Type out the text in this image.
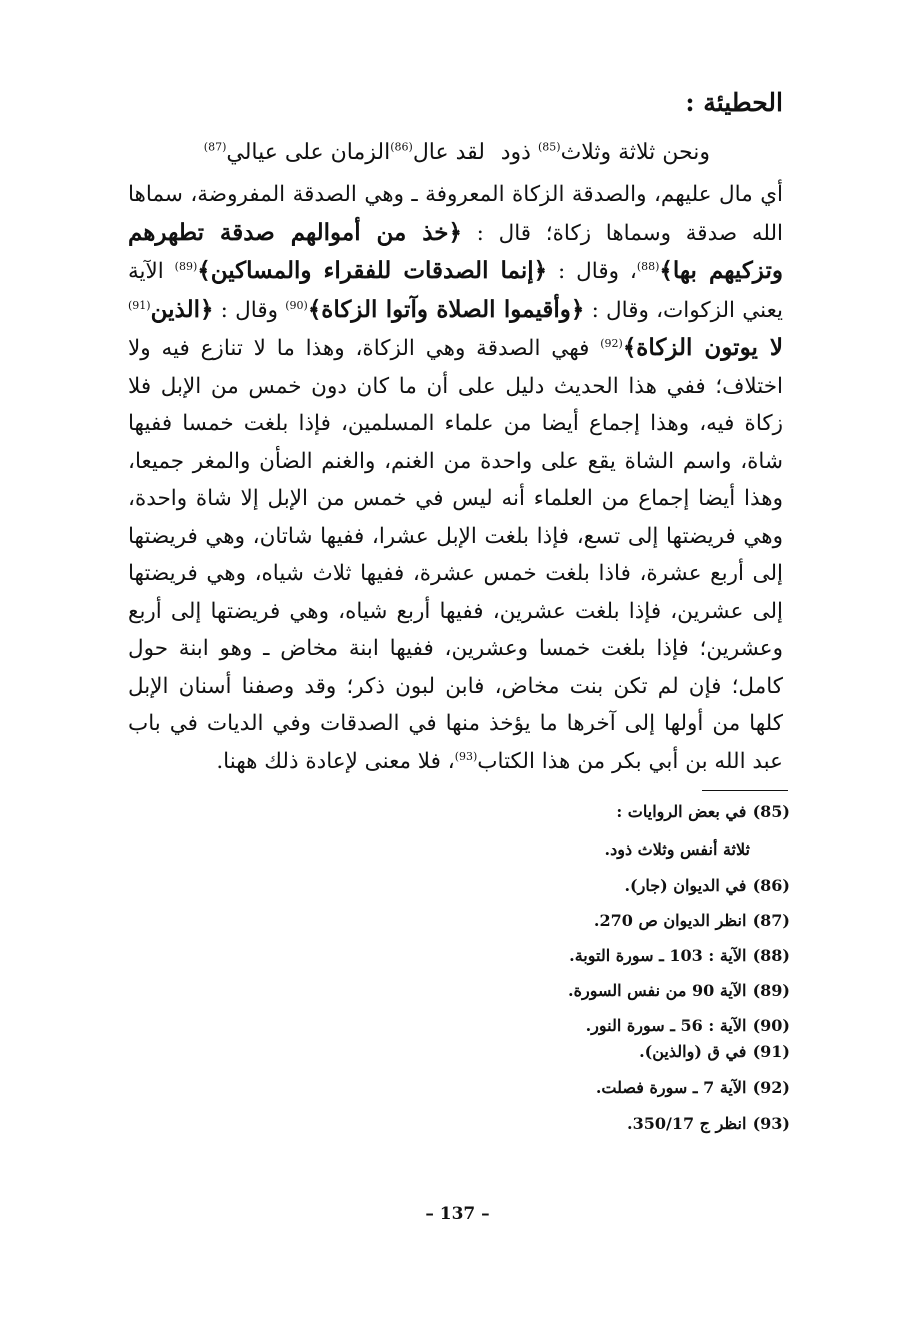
الحطيئة :
ونحن ثلاثة وثلاث$^{(85)}$ ذود
لقد عال$^{(86)}$الزمان على عيالي$^{(87)}$
أي مال عليهم، والصدقة الزكاة المعروفة ـ وهي الصدقة المفروضة، سماها الله صدقة وسماها زكاة؛ قال : ﴿خذ من أموالهم صدقة تطهرهم وتزكيهم بها﴾$^{(88)}$، وقال : ﴿إنما الصدقات للفقراء والمساكين﴾$^{(89)}$ الآية يعني الزكوات، وقال : ﴿وأقيموا الصلاة وآتوا الزكاة﴾$^{(90)}$ وقال : ﴿الذين$^{(91)}$ لا يوتون الزكاة﴾$^{(92)}$ فهي الصدقة وهي الزكاة، وهذا ما لا تنازع فيه ولا اختلاف؛ ففي هذا الحديث دليل على أن ما كان دون خمس من الإبل فلا زكاة فيه، وهذا إجماع أيضا من علماء المسلمين، فإذا بلغت خمسا ففيها شاة، واسم الشاة يقع على واحدة من الغنم، والغنم الضأن والمغر جميعا، وهذا أيضا إجماع من العلماء أنه ليس في خمس من الإبل إلا شاة واحدة، وهي فريضتها إلى تسع، فإذا بلغت الإبل عشرا، ففيها شاتان، وهي فريضتها إلى أربع عشرة، فاذا بلغت خمس عشرة، ففيها ثلاث شياه، وهي فريضتها إلى عشرين، فإذا بلغت عشرين، ففيها أربع شياه، وهي فريضتها إلى أربع وعشرين؛ فإذا بلغت خمسا وعشرين، ففيها ابنة مخاض ـ وهو ابنة حول كامل؛ فإن لم تكن بنت مخاض، فابن لبون ذكر؛ وقد وصفنا أسنان الإبل كلها من أولها إلى آخرها ما يؤخذ منها في الصدقات وفي الديات في باب عبد الله بن أبي بكر من هذا الكتاب$^{(93)}$، فلا معنى لإعادة ذلك ههنا.
(85) في بعض الروايات :
ثلاثة أنفس وثلاث ذود.
(86) في الديوان (جار).
(87) انظر الديوان ص 270.
(88) الآية : 103 ـ سورة التوبة.
(89) الآية 90 من نفس السورة.
(90) الآية : 56 ـ سورة النور.
(91) في ق (والذين).
(92) الآية 7 ـ سورة فصلت.
(93) انظر ج 350/17.
– 137 –
